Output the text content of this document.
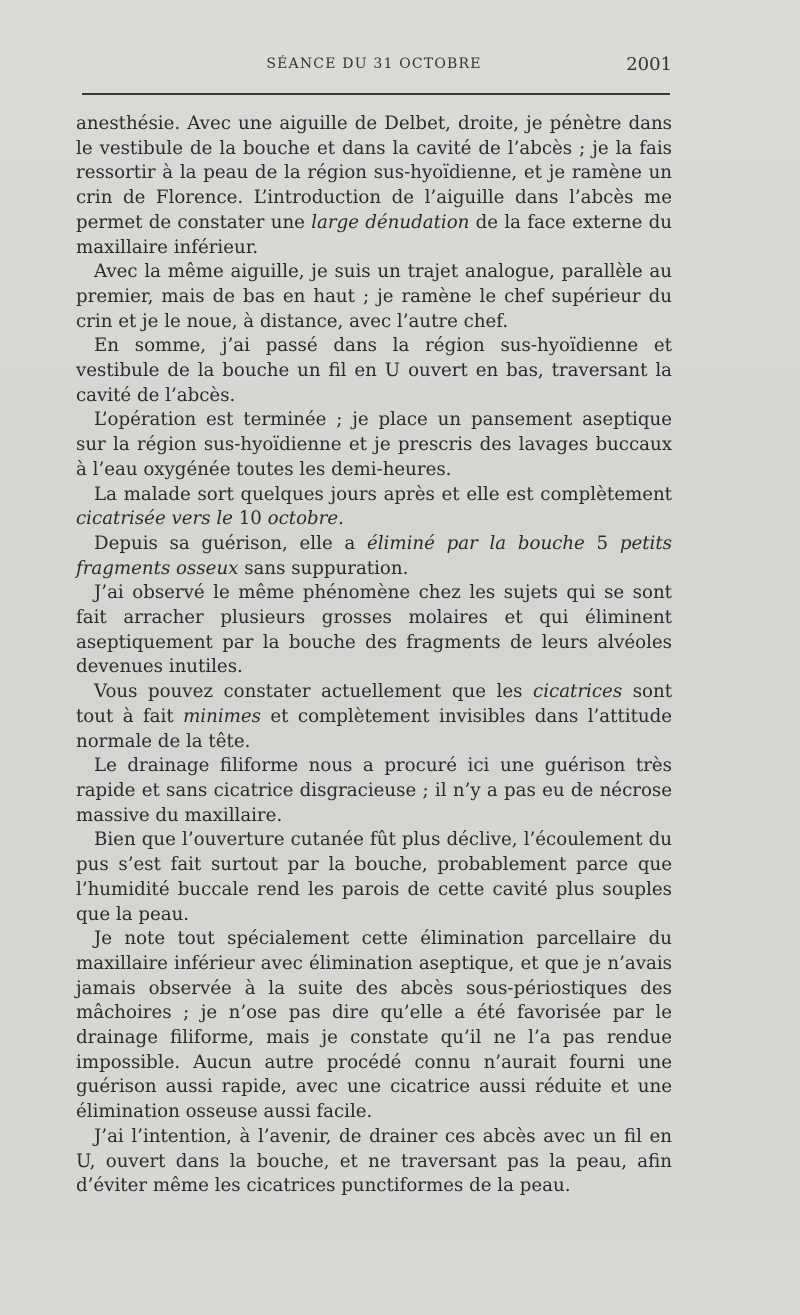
SÉANCE DU 31 OCTOBRE	2001

anesthésie. Avec une aiguille de Delbet, droite, je pénètre dans le vestibule de la bouche et dans la cavité de l’abcès ; je la fais ressortir à la peau de la région sus-hyoïdienne, et je ramène un crin de Florence. L’introduction de l’aiguille dans l’abcès me permet de constater une large dénudation de la face externe du maxillaire inférieur.

Avec la même aiguille, je suis un trajet analogue, parallèle au premier, mais de bas en haut ; je ramène le chef supérieur du crin et je le noue, à distance, avec l’autre chef.

En somme, j’ai passé dans la région sus-hyoïdienne et vestibule de la bouche un fil en U ouvert en bas, traversant la cavité de l’abcès.

L’opération est terminée ; je place un pansement aseptique sur la région sus-hyoïdienne et je prescris des lavages buccaux à l’eau oxygénée toutes les demi-heures.

La malade sort quelques jours après et elle est complètement cicatrisée vers le 10 octobre.

Depuis sa guérison, elle a éliminé par la bouche 5 petits fragments osseux sans suppuration.

J’ai observé le même phénomène chez les sujets qui se sont fait arracher plusieurs grosses molaires et qui éliminent aseptiquement par la bouche des fragments de leurs alvéoles devenues inutiles.

Vous pouvez constater actuellement que les cicatrices sont tout à fait minimes et complètement invisibles dans l’attitude normale de la tête.

Le drainage filiforme nous a procuré ici une guérison très rapide et sans cicatrice disgracieuse ; il n’y a pas eu de nécrose massive du maxillaire.

Bien que l’ouverture cutanée fût plus déclive, l’écoulement du pus s’est fait surtout par la bouche, probablement parce que l’humidité buccale rend les parois de cette cavité plus souples que la peau.

Je note tout spécialement cette élimination parcellaire du maxillaire inférieur avec élimination aseptique, et que je n’avais jamais observée à la suite des abcès sous-périostiques des mâchoires ; je n’ose pas dire qu’elle a été favorisée par le drainage filiforme, mais je constate qu’il ne l’a pas rendue impossible. Aucun autre procédé connu n’aurait fourni une guérison aussi rapide, avec une cicatrice aussi réduite et une élimination osseuse aussi facile.

J’ai l’intention, à l’avenir, de drainer ces abcès avec un fil en U, ouvert dans la bouche, et ne traversant pas la peau, afin d’éviter même les cicatrices punctiformes de la peau.
